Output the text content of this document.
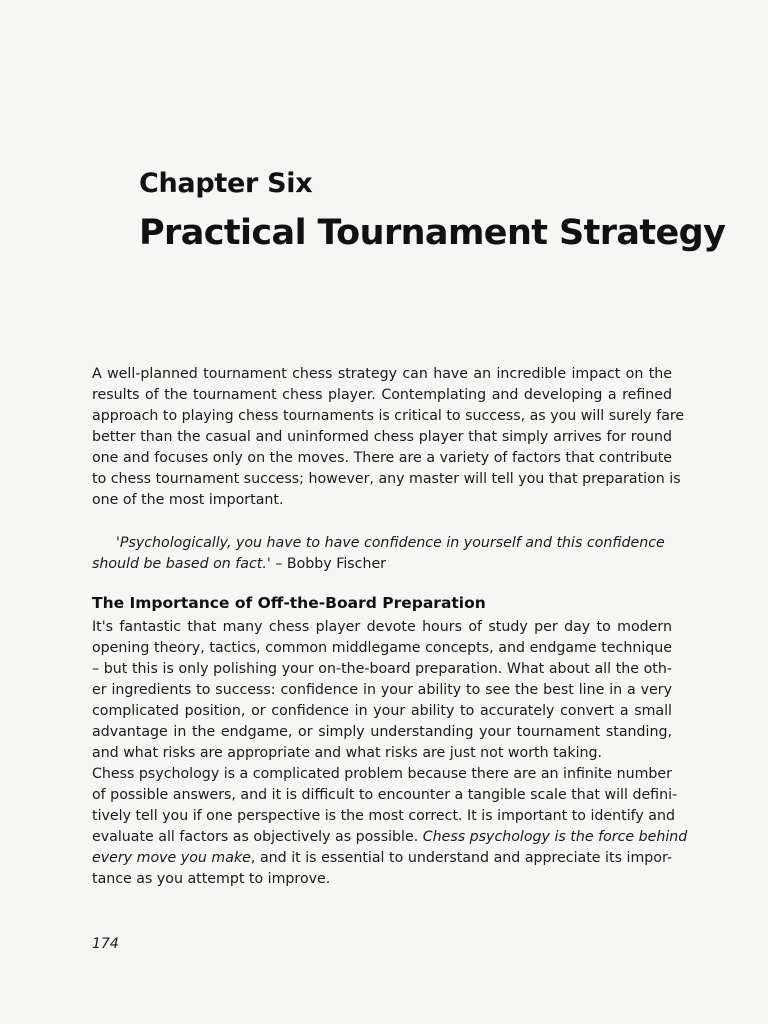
Chapter Six
Practical Tournament Strategy
A well-planned tournament chess strategy can have an incredible impact on the
results of the tournament chess player. Contemplating and developing a refined
approach to playing chess tournaments is critical to success, as you will surely fare
better than the casual and uninformed chess player that simply arrives for round
one and focuses only on the moves. There are a variety of factors that contribute
to chess tournament success; however, any master will tell you that preparation is
one of the most important.
'Psychologically, you have to have confidence in yourself and this confidence
should be based on fact.' – Bobby Fischer
The Importance of Off-the-Board Preparation
It's fantastic that many chess player devote hours of study per day to modern
opening theory, tactics, common middlegame concepts, and endgame technique
– but this is only polishing your on-the-board preparation. What about all the oth-
er ingredients to success: confidence in your ability to see the best line in a very
complicated position, or confidence in your ability to accurately convert a small
advantage in the endgame, or simply understanding your tournament standing,
and what risks are appropriate and what risks are just not worth taking.
Chess psychology is a complicated problem because there are an infinite number
of possible answers, and it is difficult to encounter a tangible scale that will defini-
tively tell you if one perspective is the most correct. It is important to identify and
evaluate all factors as objectively as possible. Chess psychology is the force behind
every move you make, and it is essential to understand and appreciate its impor-
tance as you attempt to improve.
174
